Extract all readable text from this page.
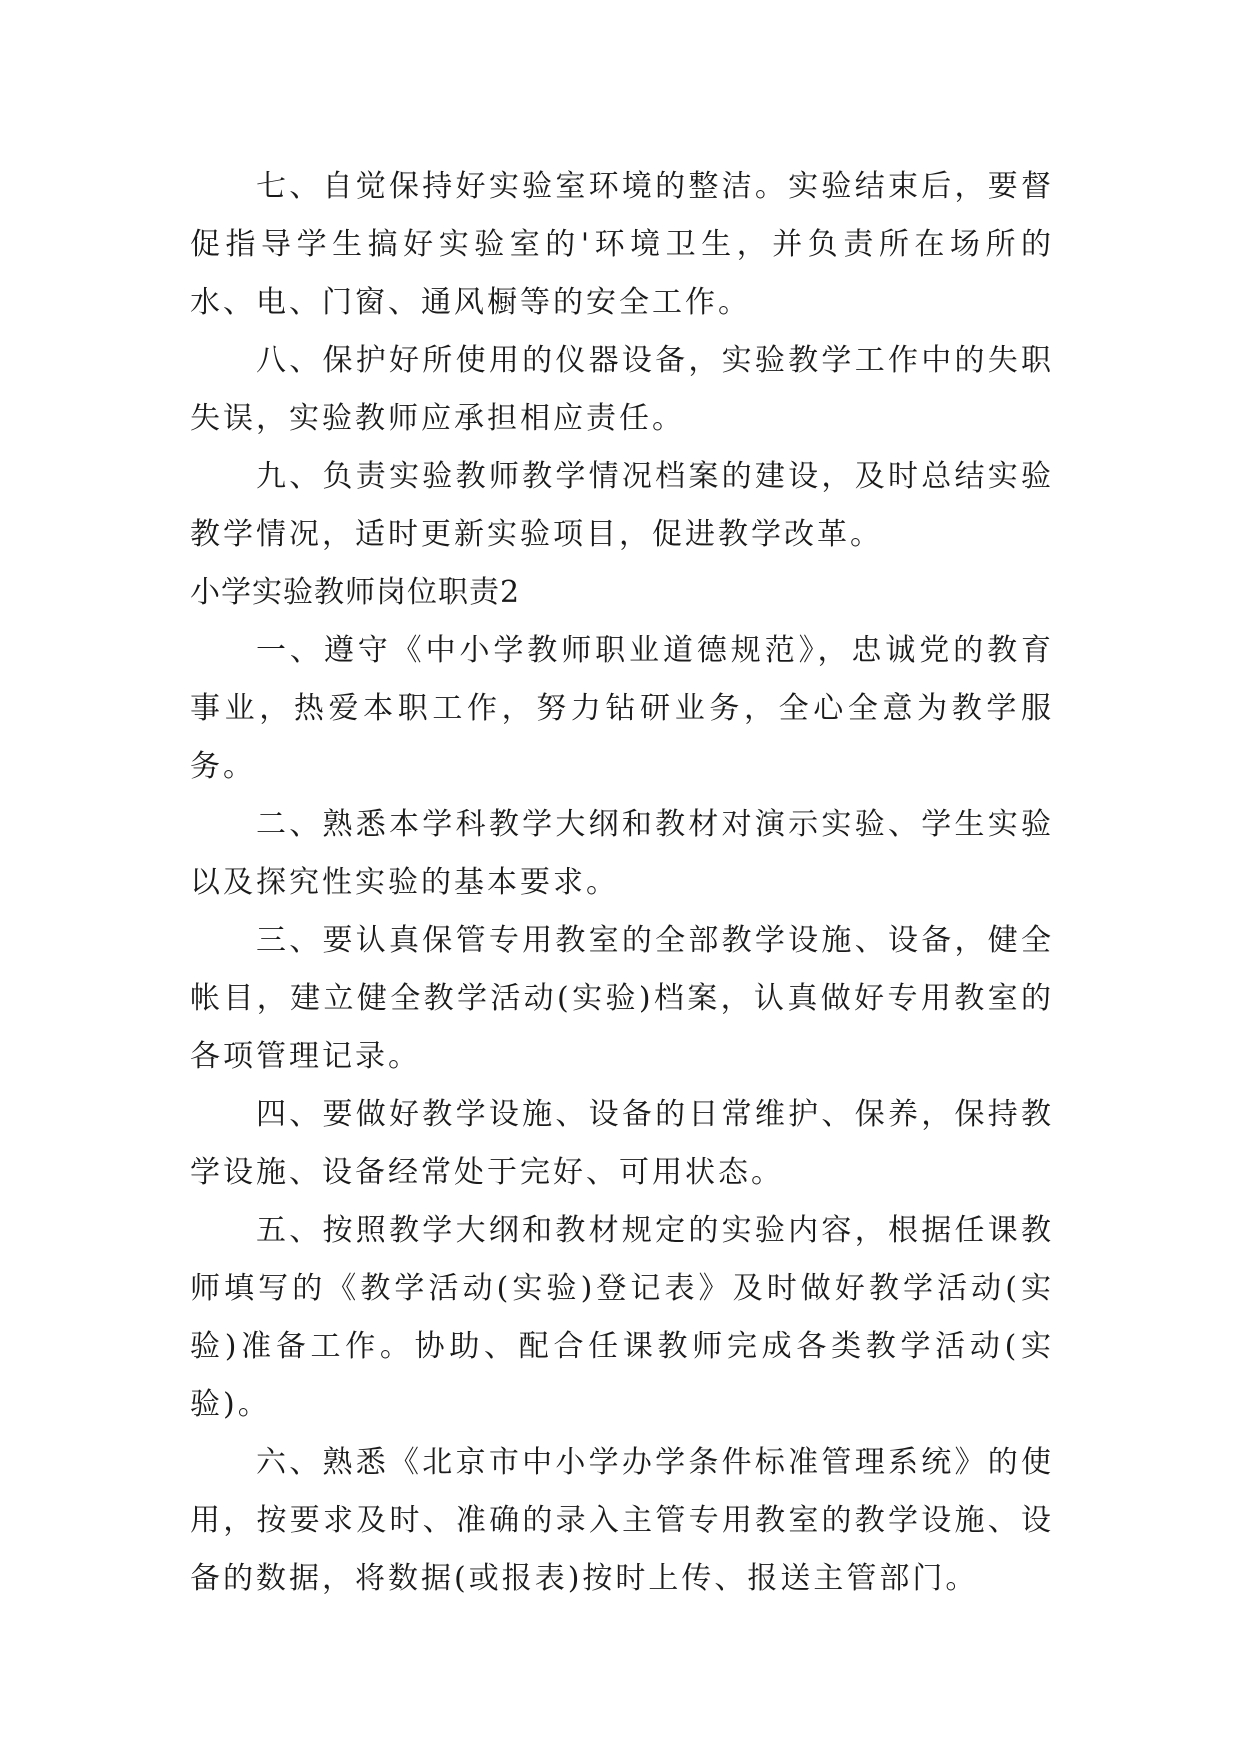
七、自觉保持好实验室环境的整洁。实验结束后，要督促指导学生搞好实验室的'环境卫生，并负责所在场所的水、电、门窗、通风橱等的安全工作。

八、保护好所使用的仪器设备，实验教学工作中的失职失误，实验教师应承担相应责任。

九、负责实验教师教学情况档案的建设，及时总结实验教学情况，适时更新实验项目，促进教学改革。

小学实验教师岗位职责2

一、遵守《中小学教师职业道德规范》，忠诚党的教育事业，热爱本职工作，努力钻研业务，全心全意为教学服务。

二、熟悉本学科教学大纲和教材对演示实验、学生实验以及探究性实验的基本要求。

三、要认真保管专用教室的全部教学设施、设备，健全帐目，建立健全教学活动(实验)档案，认真做好专用教室的各项管理记录。

四、要做好教学设施、设备的日常维护、保养，保持教学设施、设备经常处于完好、可用状态。

五、按照教学大纲和教材规定的实验内容，根据任课教师填写的《教学活动(实验)登记表》及时做好教学活动(实验)准备工作。协助、配合任课教师完成各类教学活动(实验)。

六、熟悉《北京市中小学办学条件标准管理系统》的使用，按要求及时、准确的录入主管专用教室的教学设施、设备的数据，将数据(或报表)按时上传、报送主管部门。
